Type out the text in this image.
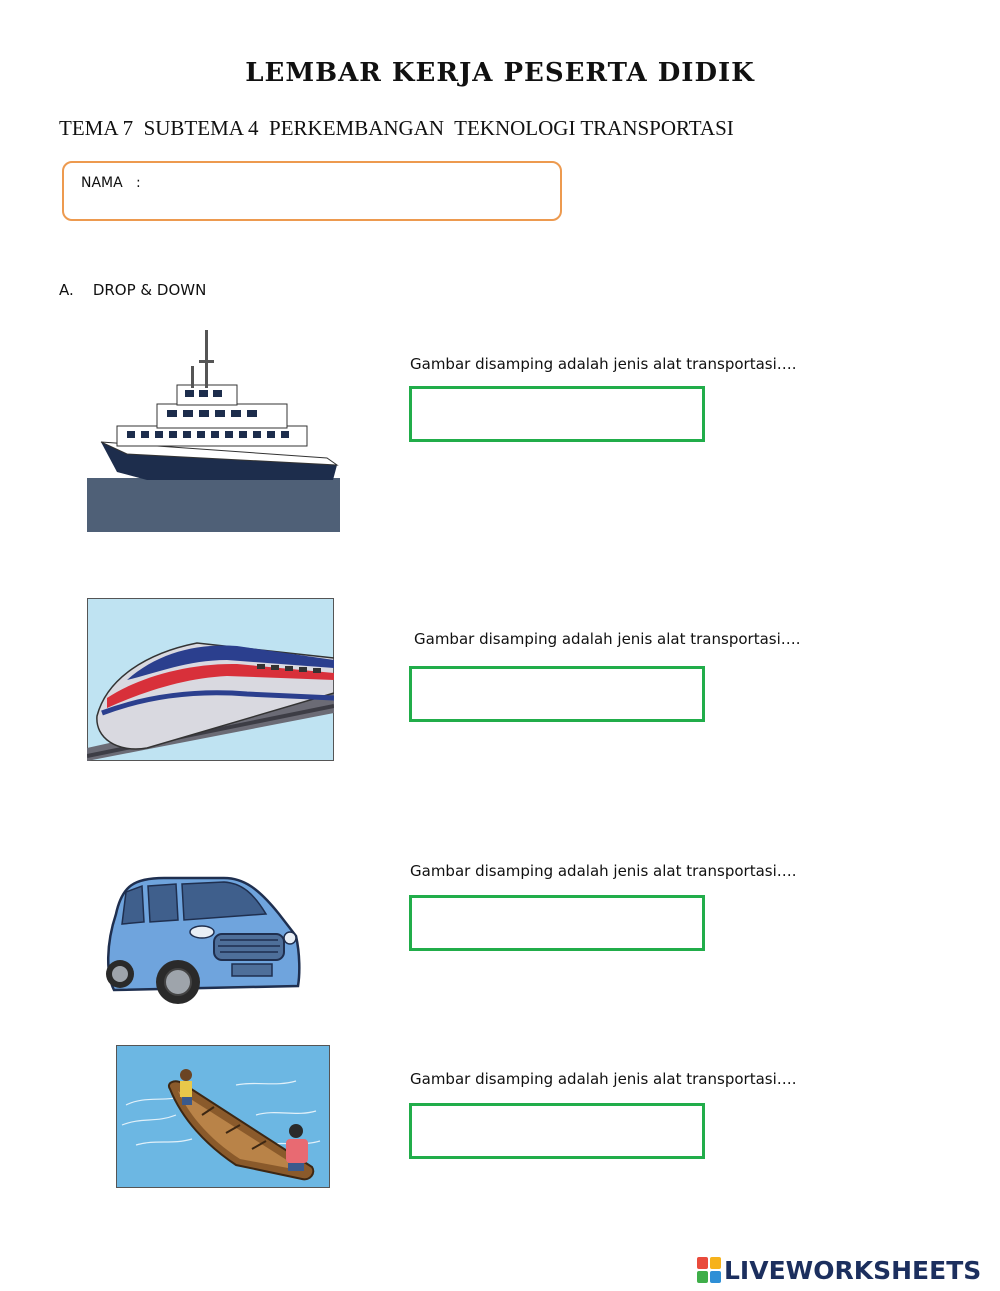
LEMBAR KERJA PESERTA DIDIK
TEMA 7  SUBTEMA 4  PERKEMBANGAN  TEKNOLOGI TRANSPORTASI
NAMA   :
A.    DROP & DOWN
Gambar disamping adalah jenis alat transportasi….
Gambar disamping adalah jenis alat transportasi….
Gambar disamping adalah jenis alat transportasi….
Gambar disamping adalah jenis alat transportasi….
LIVEWORKSHEETS
